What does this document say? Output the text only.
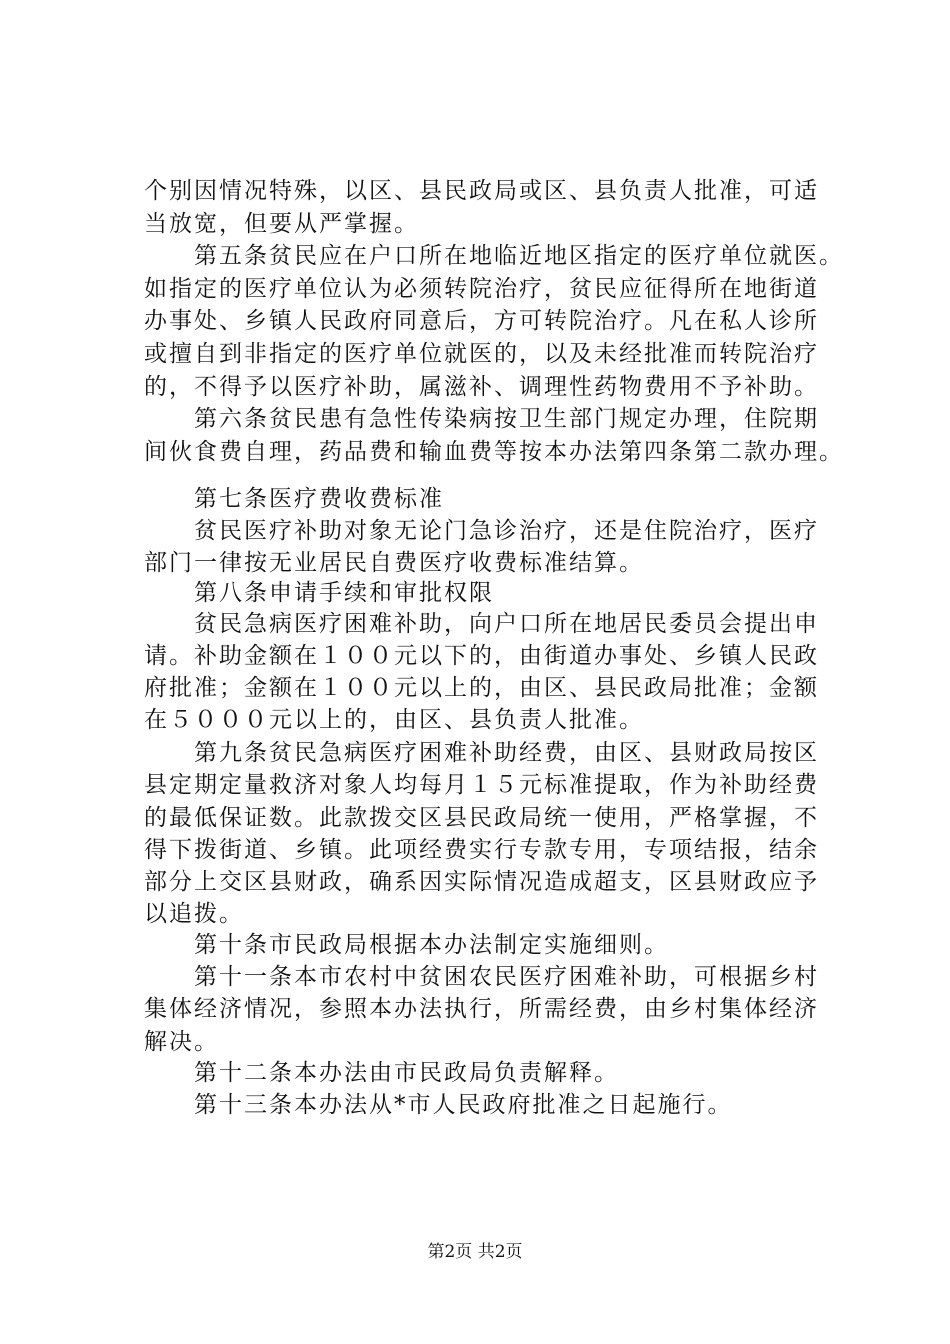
个别因情况特殊，以区、县民政局或区、县负责人批准，可适
当放宽，但要从严掌握。
　　第五条贫民应在户口所在地临近地区指定的医疗单位就医。
如指定的医疗单位认为必须转院治疗，贫民应征得所在地街道
办事处、乡镇人民政府同意后，方可转院治疗。凡在私人诊所
或擅自到非指定的医疗单位就医的，以及未经批准而转院治疗
的，不得予以医疗补助，属滋补、调理性药物费用不予补助。
　　第六条贫民患有急性传染病按卫生部门规定办理，住院期
间伙食费自理，药品费和输血费等按本办法第四条第二款办理。
　　第七条医疗费收费标准
　　贫民医疗补助对象无论门急诊治疗，还是住院治疗，医疗
部门一律按无业居民自费医疗收费标准结算。
　　第八条申请手续和审批权限
　　贫民急病医疗困难补助，向户口所在地居民委员会提出申
请。补助金额在１００元以下的，由街道办事处、乡镇人民政
府批准；金额在１００元以上的，由区、县民政局批准；金额
在５０００元以上的，由区、县负责人批准。
　　第九条贫民急病医疗困难补助经费，由区、县财政局按区
县定期定量救济对象人均每月１５元标准提取，作为补助经费
的最低保证数。此款拨交区县民政局统一使用，严格掌握，不
得下拨街道、乡镇。此项经费实行专款专用，专项结报，结余
部分上交区县财政，确系因实际情况造成超支，区县财政应予
以追拨。
　　第十条市民政局根据本办法制定实施细则。
　　第十一条本市农村中贫困农民医疗困难补助，可根据乡村
集体经济情况，参照本办法执行，所需经费，由乡村集体经济
解决。
　　第十二条本办法由市民政局负责解释。
　　第十三条本办法从*市人民政府批准之日起施行。
第2页 共2页
